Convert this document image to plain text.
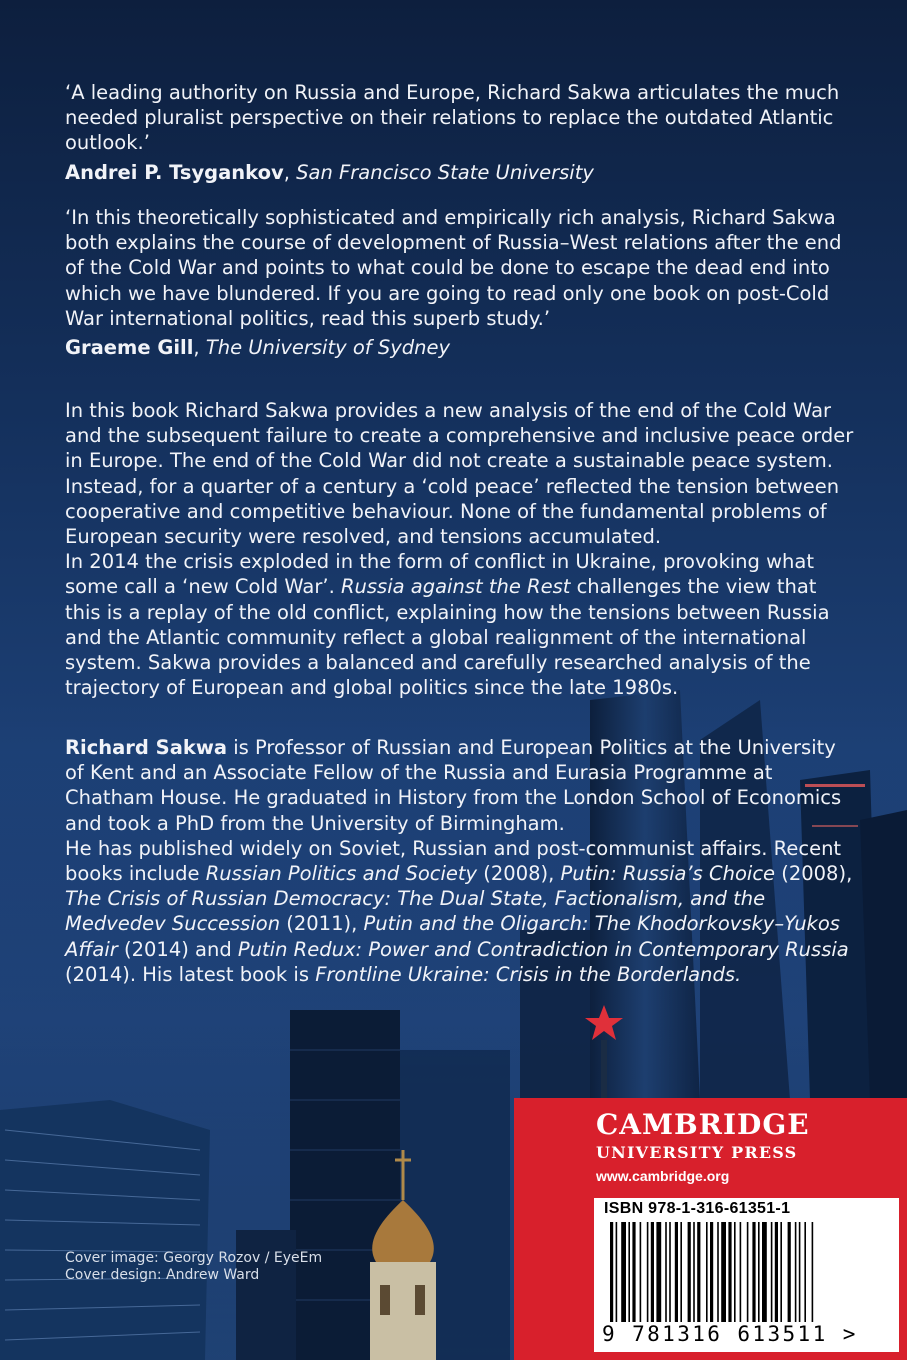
‘A leading authority on Russia and Europe, Richard Sakwa articulates the much needed pluralist perspective on their relations to replace the outdated Atlantic outlook.’

Andrei P. Tsygankov, San Francisco State University

‘In this theoretically sophisticated and empirically rich analysis, Richard Sakwa both explains the course of development of Russia–West relations after the end of the Cold War and points to what could be done to escape the dead end into which we have blundered. If you are going to read only one book on post-Cold War international politics, read this superb study.’

Graeme Gill, The University of Sydney

In this book Richard Sakwa provides a new analysis of the end of the Cold War and the subsequent failure to create a comprehensive and inclusive peace order in Europe. The end of the Cold War did not create a sustainable peace system. Instead, for a quarter of a century a ‘cold peace’ reflected the tension between cooperative and competitive behaviour. None of the fundamental problems of European security were resolved, and tensions accumulated.

In 2014 the crisis exploded in the form of conflict in Ukraine, provoking what some call a ‘new Cold War’. Russia against the Rest challenges the view that this is a replay of the old conflict, explaining how the tensions between Russia and the Atlantic community reflect a global realignment of the international system. Sakwa provides a balanced and carefully researched analysis of the trajectory of European and global politics since the late 1980s.

Richard Sakwa is Professor of Russian and European Politics at the University of Kent and an Associate Fellow of the Russia and Eurasia Programme at Chatham House. He graduated in History from the London School of Economics and took a PhD from the University of Birmingham.

He has published widely on Soviet, Russian and post-communist affairs. Recent books include Russian Politics and Society (2008), Putin: Russia’s Choice (2008), The Crisis of Russian Democracy: The Dual State, Factionalism, and the Medvedev Succession (2011), Putin and the Oligarch: The Khodorkovsky–Yukos Affair (2014) and Putin Redux: Power and Contradiction in Contemporary Russia (2014). His latest book is Frontline Ukraine: Crisis in the Borderlands.

Cover image: Georgy Rozov / EyeEm
Cover design: Andrew Ward
CAMBRIDGE
UNIVERSITY PRESS
www.cambridge.org
ISBN 978-1-316-61351-1
9 781316 613511 >
